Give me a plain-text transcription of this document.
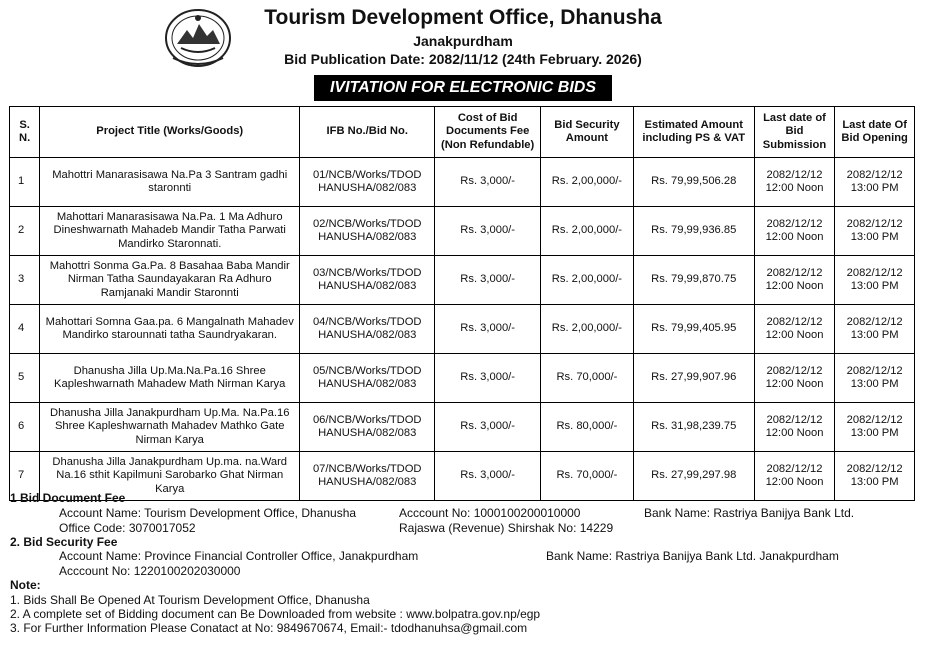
Tourism Development Office, Dhanusha
Janakpurdham
Bid Publication Date: 2082/11/12 (24th February. 2026)
IVITATION FOR ELECTRONIC BIDS
S. N.	Project Title (Works/Goods)	IFB No./Bid No.	Cost of Bid Documents Fee (Non Refundable)	Bid Security Amount	Estimated Amount including PS & VAT	Last date of Bid Submission	Last date Of Bid Opening
1	Mahottri Manarasisawa Na.Pa 3 Santram gadhi staronnti	01/NCB/Works/TDOD HANUSHA/082/083	Rs. 3,000/-	Rs. 2,00,000/-	Rs. 79,99,506.28	2082/12/12 12:00 Noon	2082/12/12 13:00 PM
2	Mahottari Manarasisawa Na.Pa. 1 Ma Adhuro Dineshwarnath Mahadeb Mandir Tatha Parwati Mandirko Staronnati.	02/NCB/Works/TDOD HANUSHA/082/083	Rs. 3,000/-	Rs. 2,00,000/-	Rs. 79,99,936.85	2082/12/12 12:00 Noon	2082/12/12 13:00 PM
3	Mahottri Sonma Ga.Pa. 8 Basahaa Baba Mandir Nirman Tatha Saundayakaran Ra Adhuro Ramjanaki Mandir Staronnti	03/NCB/Works/TDOD HANUSHA/082/083	Rs. 3,000/-	Rs. 2,00,000/-	Rs. 79,99,870.75	2082/12/12 12:00 Noon	2082/12/12 13:00 PM
4	Mahottari Somna Gaa.pa. 6 Mangalnath Mahadev Mandirko starounnati tatha Saundryakaran.	04/NCB/Works/TDOD HANUSHA/082/083	Rs. 3,000/-	Rs. 2,00,000/-	Rs. 79,99,405.95	2082/12/12 12:00 Noon	2082/12/12 13:00 PM
5	Dhanusha Jilla Up.Ma.Na.Pa.16 Shree Kapleshwarnath Mahadew Math Nirman Karya	05/NCB/Works/TDOD HANUSHA/082/083	Rs. 3,000/-	Rs. 70,000/-	Rs. 27,99,907.96	2082/12/12 12:00 Noon	2082/12/12 13:00 PM
6	Dhanusha Jilla Janakpurdham Up.Ma. Na.Pa.16 Shree Kapleshwarnath Mahadev Mathko Gate Nirman Karya	06/NCB/Works/TDOD HANUSHA/082/083	Rs. 3,000/-	Rs. 80,000/-	Rs. 31,98,239.75	2082/12/12 12:00 Noon	2082/12/12 13:00 PM
7	Dhanusha Jilla Janakpurdham Up.ma. na.Ward Na.16 sthit Kapilmuni Sarobarko Ghat Nirman Karya	07/NCB/Works/TDOD HANUSHA/082/083	Rs. 3,000/-	Rs. 70,000/-	Rs. 27,99,297.98	2082/12/12 12:00 Noon	2082/12/12 13:00 PM
1 Bid Document Fee
Account Name: Tourism Development Office, Dhanusha
Office Code: 3070017052
Acccount No: 1000100200010000
Rajaswa (Revenue) Shirshak No: 14229
Bank Name: Rastriya Banijya Bank Ltd.
2. Bid Security Fee
Account Name: Province Financial Controller Office, Janakpurdham
Acccount No: 1220100202030000
Bank Name: Rastriya Banijya Bank Ltd. Janakpurdham
Note:
1. Bids Shall Be Opened At Tourism Development Office, Dhanusha
2. A complete set of Bidding document can Be Downloaded from website : www.bolpatra.gov.np/egp
3. For Further Information Please Conatact at No: 9849670674, Email:- tdodhanuhsa@gmail.com
